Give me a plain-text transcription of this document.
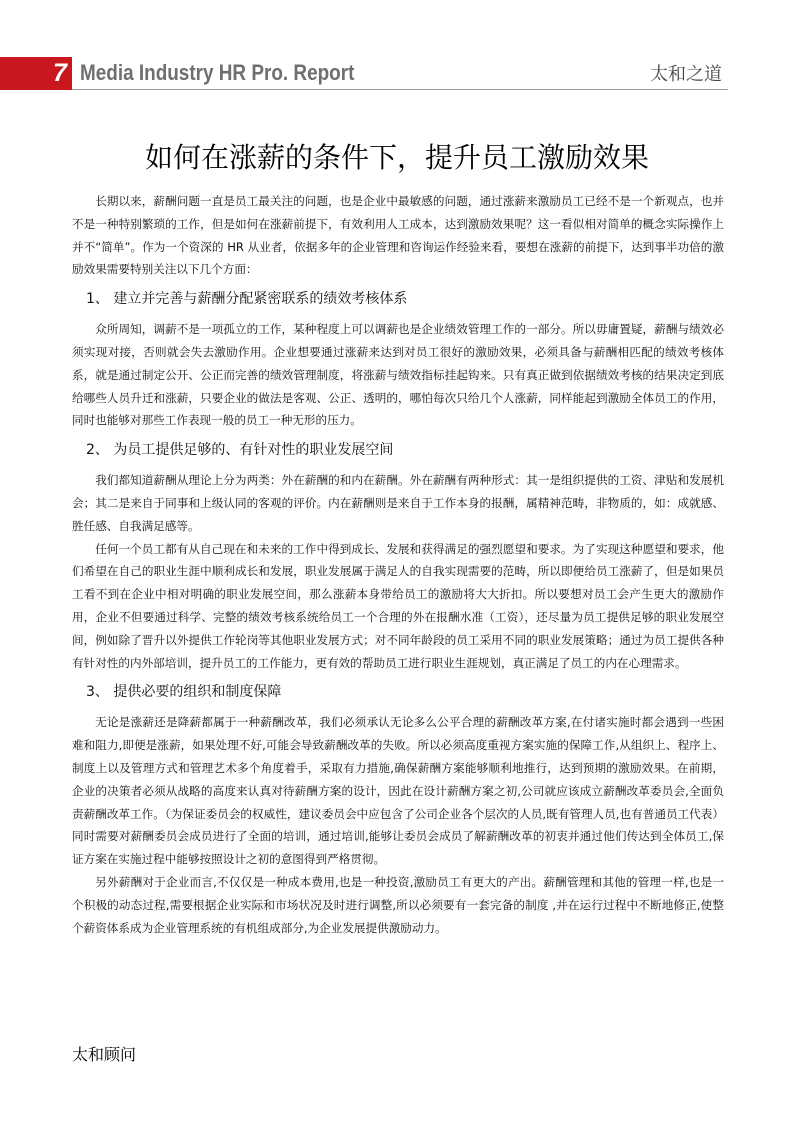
7 Media Industry HR Pro. Report	太和之道
如何在涨薪的条件下，提升员工激励效果

长期以来，薪酬问题一直是员工最关注的问题，也是企业中最敏感的问题，通过涨薪来激励员工已经不是一个新观点，也并不是一种特别繁琐的工作，但是如何在涨薪前提下，有效利用人工成本，达到激励效果呢？这一看似相对简单的概念实际操作上并不“简单”。作为一个资深的 HR 从业者，依据多年的企业管理和咨询运作经验来看，要想在涨薪的前提下，达到事半功倍的激励效果需要特别关注以下几个方面：

1、 建立并完善与薪酬分配紧密联系的绩效考核体系

众所周知，调薪不是一项孤立的工作，某种程度上可以调薪也是企业绩效管理工作的一部分。所以毋庸置疑，薪酬与绩效必须实现对接，否则就会失去激励作用。企业想要通过涨薪来达到对员工很好的激励效果，必须具备与薪酬相匹配的绩效考核体系，就是通过制定公开、公正而完善的绩效管理制度，将涨薪与绩效指标挂起钩来。只有真正做到依据绩效考核的结果决定到底给哪些人员升迁和涨薪，只要企业的做法是客观、公正、透明的，哪怕每次只给几个人涨薪，同样能起到激励全体员工的作用，同时也能够对那些工作表现一般的员工一种无形的压力。

2、 为员工提供足够的、有针对性的职业发展空间

我们都知道薪酬从理论上分为两类：外在薪酬的和内在薪酬。外在薪酬有两种形式：其一是组织提供的工资、津贴和发展机会；其二是来自于同事和上级认同的客观的评价。内在薪酬则是来自于工作本身的报酬，属精神范畴，非物质的，如：成就感、胜任感、自我满足感等。

任何一个员工都有从自己现在和未来的工作中得到成长、发展和获得满足的强烈愿望和要求。为了实现这种愿望和要求，他们希望在自己的职业生涯中顺利成长和发展，职业发展属于满足人的自我实现需要的范畴，所以即便给员工涨薪了，但是如果员工看不到在企业中相对明确的职业发展空间，那么涨薪本身带给员工的激励将大大折扣。所以要想对员工会产生更大的激励作用，企业不但要通过科学、完整的绩效考核系统给员工一个合理的外在报酬水准（工资），还尽量为员工提供足够的职业发展空间，例如除了晋升以外提供工作轮岗等其他职业发展方式；对不同年龄段的员工采用不同的职业发展策略；通过为员工提供各种有针对性的内外部培训，提升员工的工作能力，更有效的帮助员工进行职业生涯规划，真正满足了员工的内在心理需求。

3、 提供必要的组织和制度保障

无论是涨薪还是降薪都属于一种薪酬改革，我们必须承认无论多么公平合理的薪酬改革方案,在付诸实施时都会遇到一些困难和阻力,即便是涨薪，如果处理不好,可能会导致薪酬改革的失败。所以必须高度重视方案实施的保障工作,从组织上、程序上、制度上以及管理方式和管理艺术多个角度着手，采取有力措施,确保薪酬方案能够顺利地推行，达到预期的激励效果。在前期，企业的决策者必须从战略的高度来认真对待薪酬方案的设计，因此在设计薪酬方案之初,公司就应该成立薪酬改革委员会,全面负责薪酬改革工作。（为保证委员会的权威性，建议委员会中应包含了公司企业各个层次的人员,既有管理人员,也有普通员工代表）同时需要对薪酬委员会成员进行了全面的培训，通过培训,能够让委员会成员了解薪酬改革的初衷并通过他们传达到全体员工,保证方案在实施过程中能够按照设计之初的意图得到严格贯彻。

另外薪酬对于企业而言,不仅仅是一种成本费用,也是一种投资,激励员工有更大的产出。薪酬管理和其他的管理一样,也是一个积极的动态过程,需要根据企业实际和市场状况及时进行调整,所以必须要有一套完备的制度 ,并在运行过程中不断地修正,使整个薪资体系成为企业管理系统的有机组成部分,为企业发展提供激励动力。

太和顾问
